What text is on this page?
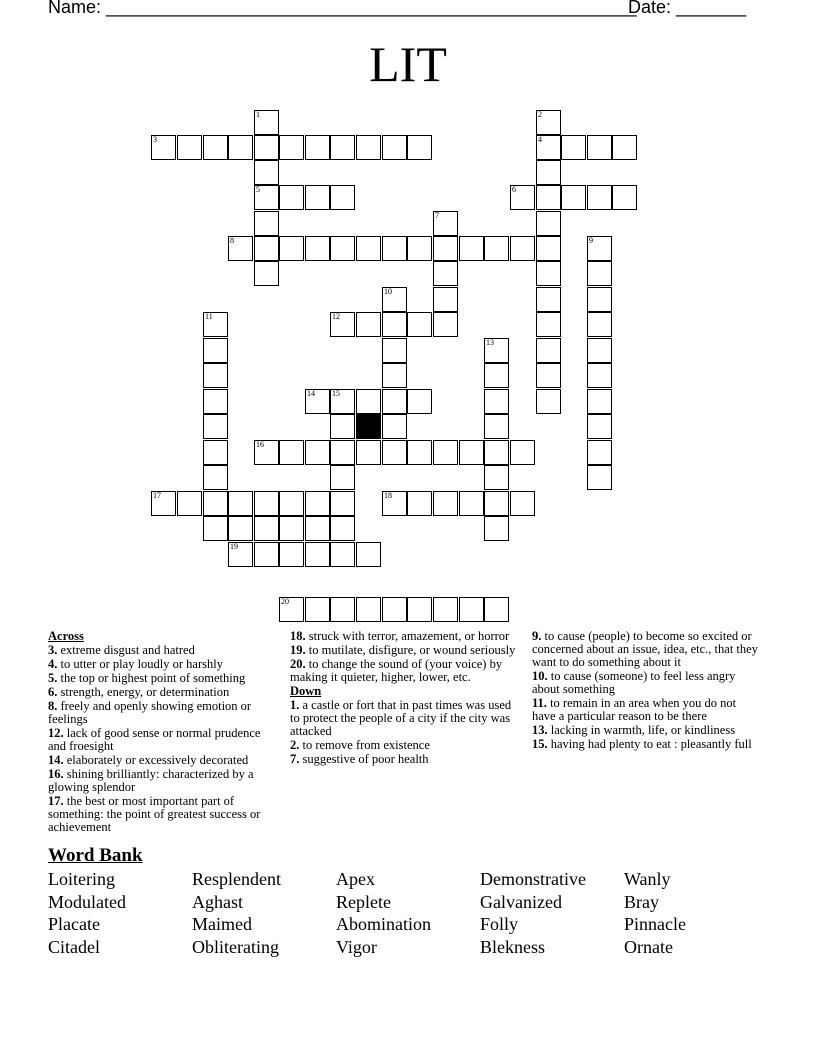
Name: _____________________________________________________
Date: _______
LIT
1
5
2
4
3
6
7
8	9
10
12
11
13
14 15
16
17	18
19
20
Across

3. extreme disgust and hatred

4. to utter or play loudly or harshly

5. the top or highest point of something

6. strength, energy, or determination

8. freely and openly showing emotion or feelings

12. lack of good sense or normal prudence and froesight

14. elaborately or excessively decorated

16. shining brilliantly: characterized by a glowing splendor

17. the best or most important part of something: the point of greatest success or achievement

18. struck with terror, amazement, or horror

19. to mutilate, disfigure, or wound seriously

20. to change the sound of (your voice) by making it quieter, higher, lower, etc.

Down

1. a castle or fort that in past times was used to protect the people of a city if the city was attacked

2. to remove from existence

7. suggestive of poor health

9. to cause (people) to become so excited or concerned about an issue, idea, etc., that they want to do something about it

10. to cause (someone) to feel less angry about something

11. to remain in an area when you do not have a particular reason to be there

13. lacking in warmth, life, or kindliness

15. having had plenty to eat : pleasantly full

Word Bank
Loitering	Resplendent	Apex	Demonstrative	Wanly
Modulated	Aghast	Replete	Galvanized	Bray
Placate	Maimed	Abomination	Folly	Pinnacle
Citadel	Obliterating	Vigor	Blekness	Ornate
